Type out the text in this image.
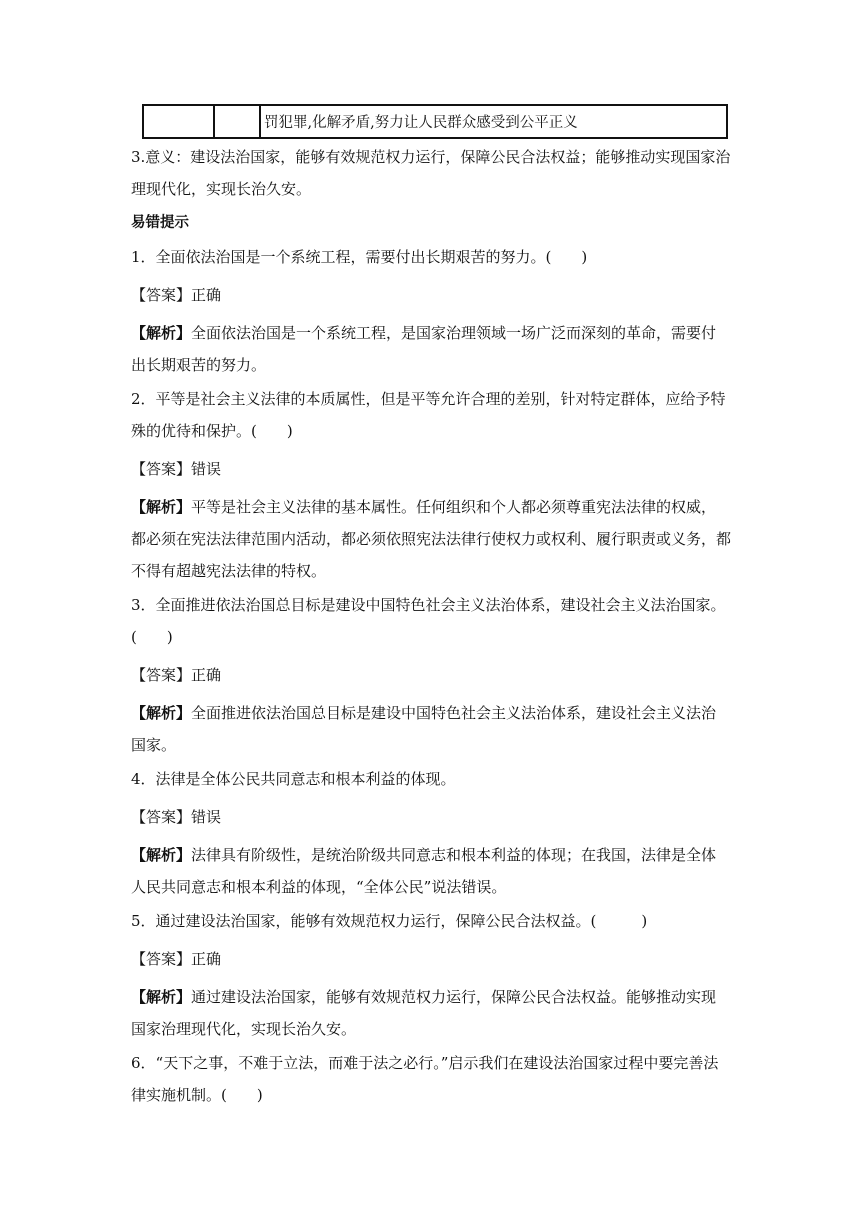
		罚犯罪,化解矛盾,努力让人民群众感受到公平正义

3.意义：建设法治国家，能够有效规范权力运行，保障公民合法权益；能够推动实现国家治理现代化，实现长治久安。

易错提示

1．全面依法治国是一个系统工程，需要付出长期艰苦的努力。(　　)

【答案】正确

【解析】全面依法治国是一个系统工程，是国家治理领域一场广泛而深刻的革命，需要付出长期艰苦的努力。

2．平等是社会主义法律的本质属性，但是平等允许合理的差别，针对特定群体，应给予特殊的优待和保护。(　　)

【答案】错误

【解析】平等是社会主义法律的基本属性。任何组织和个人都必须尊重宪法法律的权威，都必须在宪法法律范围内活动，都必须依照宪法法律行使权力或权利、履行职责或义务，都不得有超越宪法法律的特权。

3．全面推进依法治国总目标是建设中国特色社会主义法治体系，建设社会主义法治国家。(　　)

【答案】正确

【解析】全面推进依法治国总目标是建设中国特色社会主义法治体系，建设社会主义法治国家。

4．法律是全体公民共同意志和根本利益的体现。

【答案】错误

【解析】法律具有阶级性，是统治阶级共同意志和根本利益的体现；在我国，法律是全体人民共同意志和根本利益的体现，“全体公民”说法错误。

5．通过建设法治国家，能够有效规范权力运行，保障公民合法权益。(　　　)

【答案】正确

【解析】通过建设法治国家，能够有效规范权力运行，保障公民合法权益。能够推动实现国家治理现代化，实现长治久安。

6．“天下之事，不难于立法，而难于法之必行。”启示我们在建设法治国家过程中要完善法律实施机制。(　　)
